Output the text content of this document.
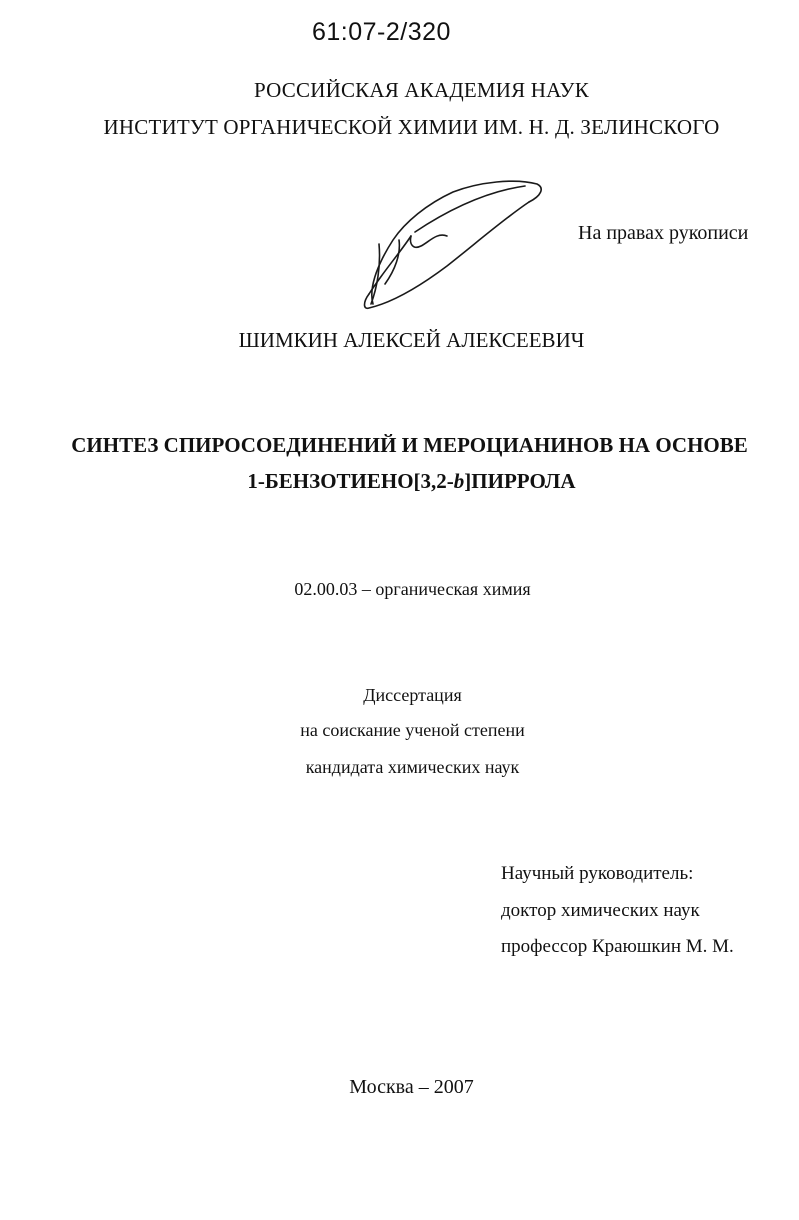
61:07-2/320
РОССИЙСКАЯ АКАДЕМИЯ НАУК
ИНСТИТУТ ОРГАНИЧЕСКОЙ ХИМИИ ИМ. Н. Д. ЗЕЛИНСКОГО
На правах рукописи
ШИМКИН АЛЕКСЕЙ АЛЕКСЕЕВИЧ
СИНТЕЗ СПИРОСОЕДИНЕНИЙ И МЕРОЦИАНИНОВ НА ОСНОВЕ
1-БЕНЗОТИЕНО[3,2-b]ПИРРОЛА
02.00.03 – органическая химия
Диссертация
на соискание ученой степени
кандидата химических наук
Научный руководитель:
доктор химических наук
профессор Краюшкин М. М.
Москва – 2007
